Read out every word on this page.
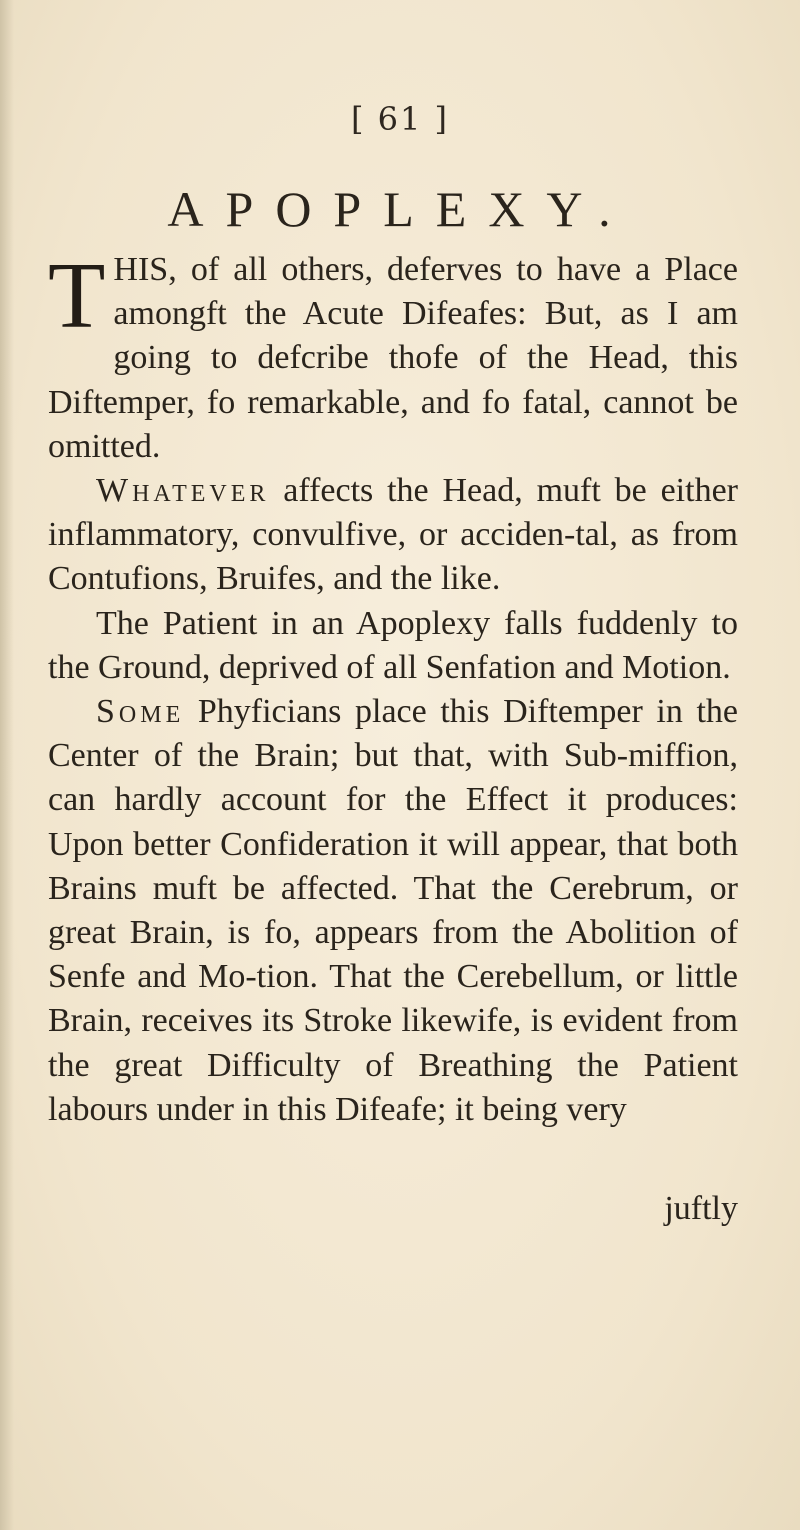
[ 61 ]
APOPLEXY.

THIS, of all others, deferves to have a Place amongft the Acute Difeafes: But, as I am going to defcribe thofe of the Head, this Diftemper, fo remarkable, and fo fatal, cannot be omitted.

Whatever affects the Head, muft be either inflammatory, convulfive, or acciden-tal, as from Contufions, Bruifes, and the like.

The Patient in an Apoplexy falls fuddenly to the Ground, deprived of all Senfation and Motion.

Some Phyficians place this Diftemper in the Center of the Brain; but that, with Sub-miffion, can hardly account for the Effect it produces: Upon better Confideration it will appear, that both Brains muft be affected. That the Cerebrum, or great Brain, is fo, appears from the Abolition of Senfe and Mo-tion. That the Cerebellum, or little Brain, receives its Stroke likewife, is evident from the great Difficulty of Breathing the Patient labours under in this Difeafe; it being very

juftly
